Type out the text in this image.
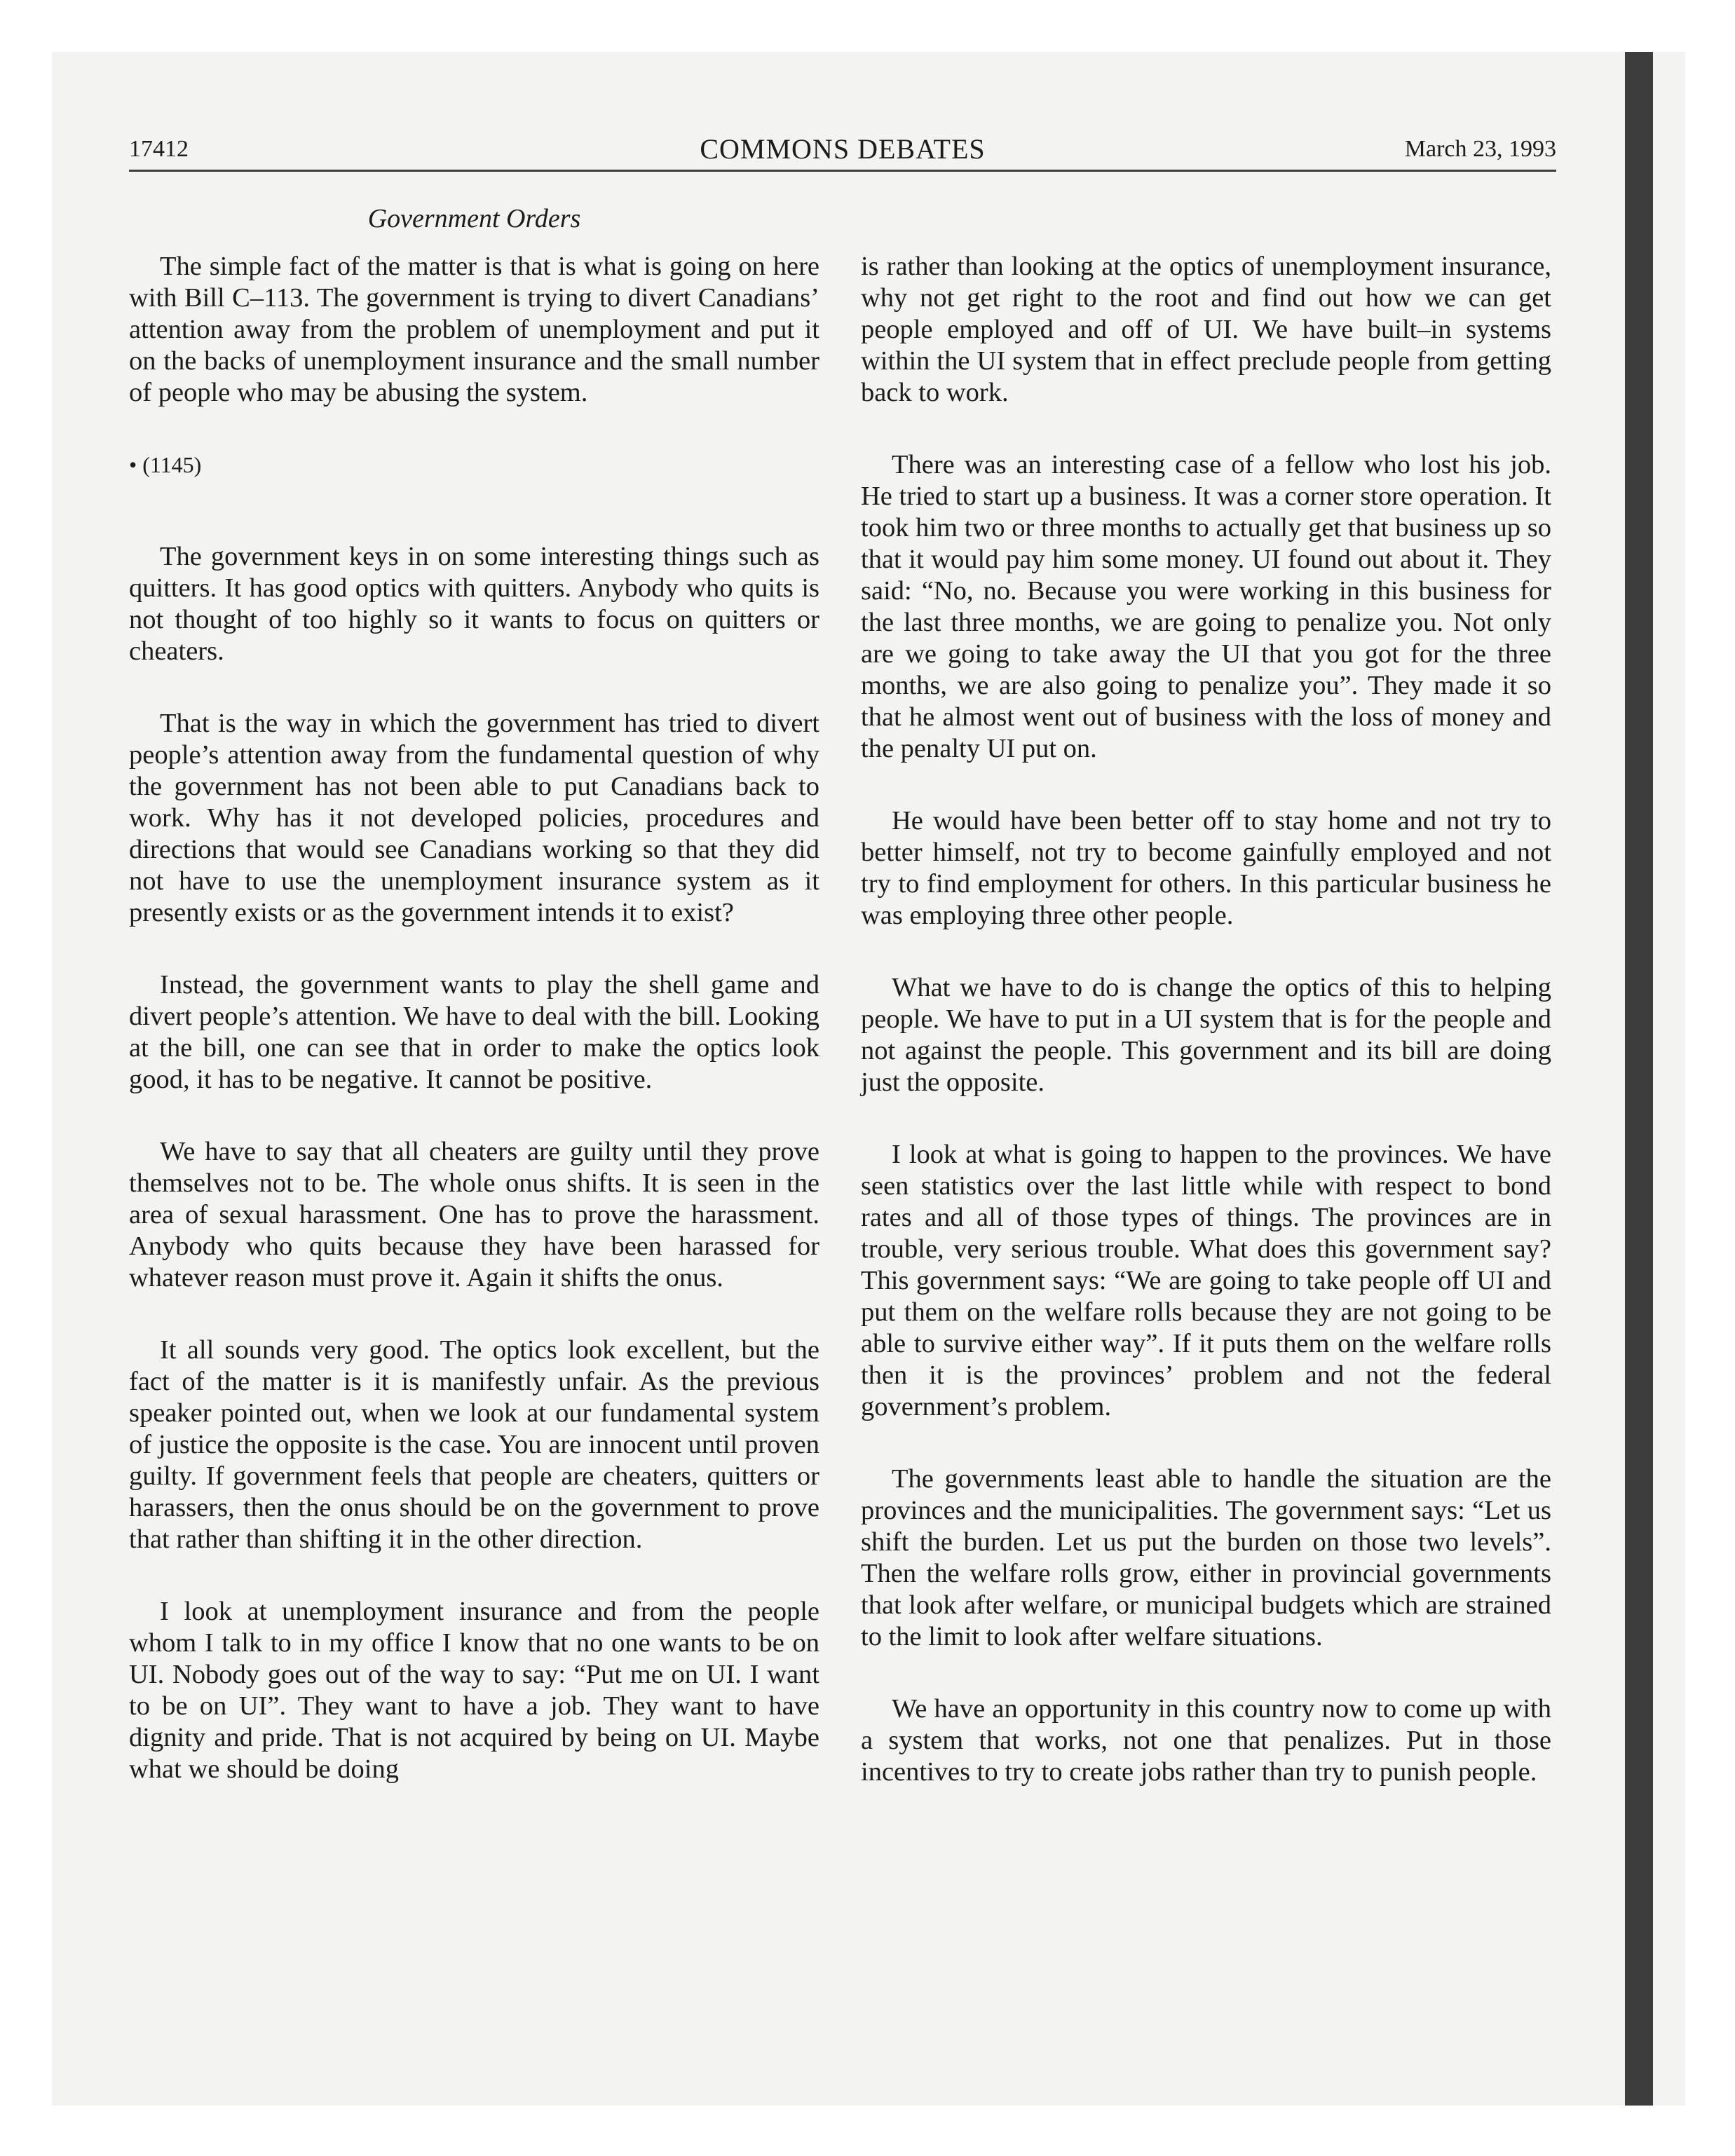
17412	COMMONS DEBATES	March 23, 1993
Government Orders

The simple fact of the matter is that is what is going on here with Bill C–113. The government is trying to divert Canadians’ attention away from the problem of unemployment and put it on the backs of unemployment insurance and the small number of people who may be abusing the system.

• (1145)

The government keys in on some interesting things such as quitters. It has good optics with quitters. Anybody who quits is not thought of too highly so it wants to focus on quitters or cheaters.

That is the way in which the government has tried to divert people’s attention away from the fundamental question of why the government has not been able to put Canadians back to work. Why has it not developed policies, procedures and directions that would see Canadians working so that they did not have to use the unemployment insurance system as it presently exists or as the government intends it to exist?

Instead, the government wants to play the shell game and divert people’s attention. We have to deal with the bill. Looking at the bill, one can see that in order to make the optics look good, it has to be negative. It cannot be positive.

We have to say that all cheaters are guilty until they prove themselves not to be. The whole onus shifts. It is seen in the area of sexual harassment. One has to prove the harassment. Anybody who quits because they have been harassed for whatever reason must prove it. Again it shifts the onus.

It all sounds very good. The optics look excellent, but the fact of the matter is it is manifestly unfair. As the previous speaker pointed out, when we look at our fundamental system of justice the opposite is the case. You are innocent until proven guilty. If government feels that people are cheaters, quitters or harassers, then the onus should be on the government to prove that rather than shifting it in the other direction.

I look at unemployment insurance and from the people whom I talk to in my office I know that no one wants to be on UI. Nobody goes out of the way to say: “Put me on UI. I want to be on UI”. They want to have a job. They want to have dignity and pride. That is not acquired by being on UI. Maybe what we should be doing

is rather than looking at the optics of unemployment insurance, why not get right to the root and find out how we can get people employed and off of UI. We have built–in systems within the UI system that in effect preclude people from getting back to work.

There was an interesting case of a fellow who lost his job. He tried to start up a business. It was a corner store operation. It took him two or three months to actually get that business up so that it would pay him some money. UI found out about it. They said: “No, no. Because you were working in this business for the last three months, we are going to penalize you. Not only are we going to take away the UI that you got for the three months, we are also going to penalize you”. They made it so that he almost went out of business with the loss of money and the penalty UI put on.

He would have been better off to stay home and not try to better himself, not try to become gainfully employed and not try to find employment for others. In this particular business he was employing three other people.

What we have to do is change the optics of this to helping people. We have to put in a UI system that is for the people and not against the people. This government and its bill are doing just the opposite.

I look at what is going to happen to the provinces. We have seen statistics over the last little while with respect to bond rates and all of those types of things. The provinces are in trouble, very serious trouble. What does this government say? This government says: “We are going to take people off UI and put them on the welfare rolls because they are not going to be able to survive either way”. If it puts them on the welfare rolls then it is the provinces’ problem and not the federal government’s problem.

The governments least able to handle the situation are the provinces and the municipalities. The government says: “Let us shift the burden. Let us put the burden on those two levels”. Then the welfare rolls grow, either in provincial governments that look after welfare, or municipal budgets which are strained to the limit to look after welfare situations.

We have an opportunity in this country now to come up with a system that works, not one that penalizes. Put in those incentives to try to create jobs rather than try to punish people.
